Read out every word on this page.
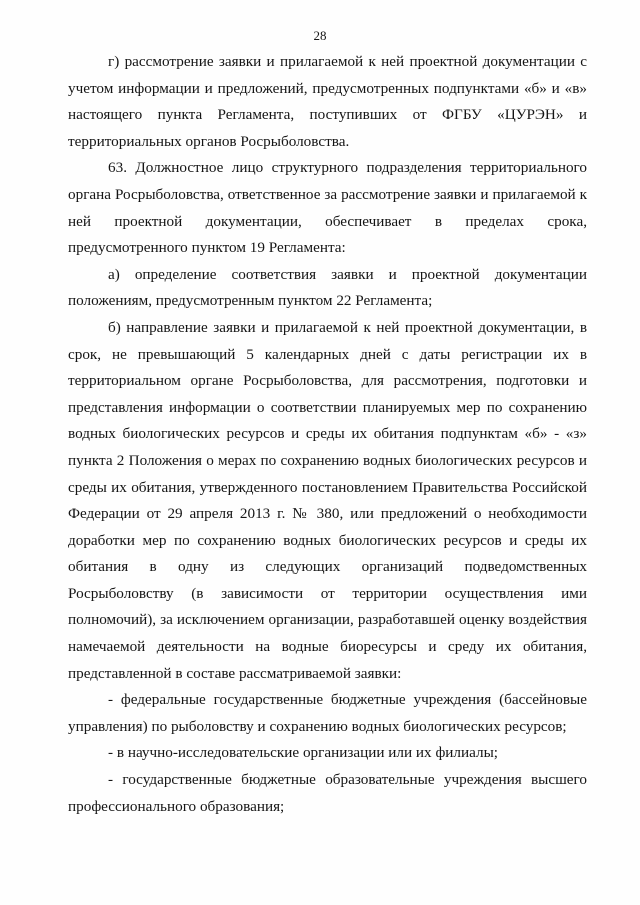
28

г) рассмотрение заявки и прилагаемой к ней проектной документации с учетом информации и предложений, предусмотренных подпунктами «б» и «в» настоящего пункта Регламента, поступивших от ФГБУ «ЦУРЭН» и территориальных органов Росрыболовства.

63. Должностное лицо структурного подразделения территориального органа Росрыболовства, ответственное за рассмотрение заявки и прилагаемой к ней проектной документации, обеспечивает в пределах срока, предусмотренного пунктом 19 Регламента:

а) определение соответствия заявки и проектной документации положениям, предусмотренным пунктом 22 Регламента;

б) направление заявки и прилагаемой к ней проектной документации, в срок, не превышающий 5 календарных дней с даты регистрации их в территориальном органе Росрыболовства, для рассмотрения, подготовки и представления информации о соответствии планируемых мер по сохранению водных биологических ресурсов и среды их обитания подпунктам «б» - «з» пункта 2 Положения о мерах по сохранению водных биологических ресурсов и среды их обитания, утвержденного постановлением Правительства Российской Федерации от 29 апреля 2013 г. № 380, или предложений о необходимости доработки мер по сохранению водных биологических ресурсов и среды их обитания в одну из следующих организаций подведомственных Росрыболовству (в зависимости от территории осуществления ими полномочий), за исключением организации, разработавшей оценку воздействия намечаемой деятельности на водные биоресурсы и среду их обитания, представленной в составе рассматриваемой заявки:

- федеральные государственные бюджетные учреждения (бассейновые управления) по рыболовству и сохранению водных биологических ресурсов;

- в научно-исследовательские организации или их филиалы;

- государственные бюджетные образовательные учреждения высшего профессионального образования;
